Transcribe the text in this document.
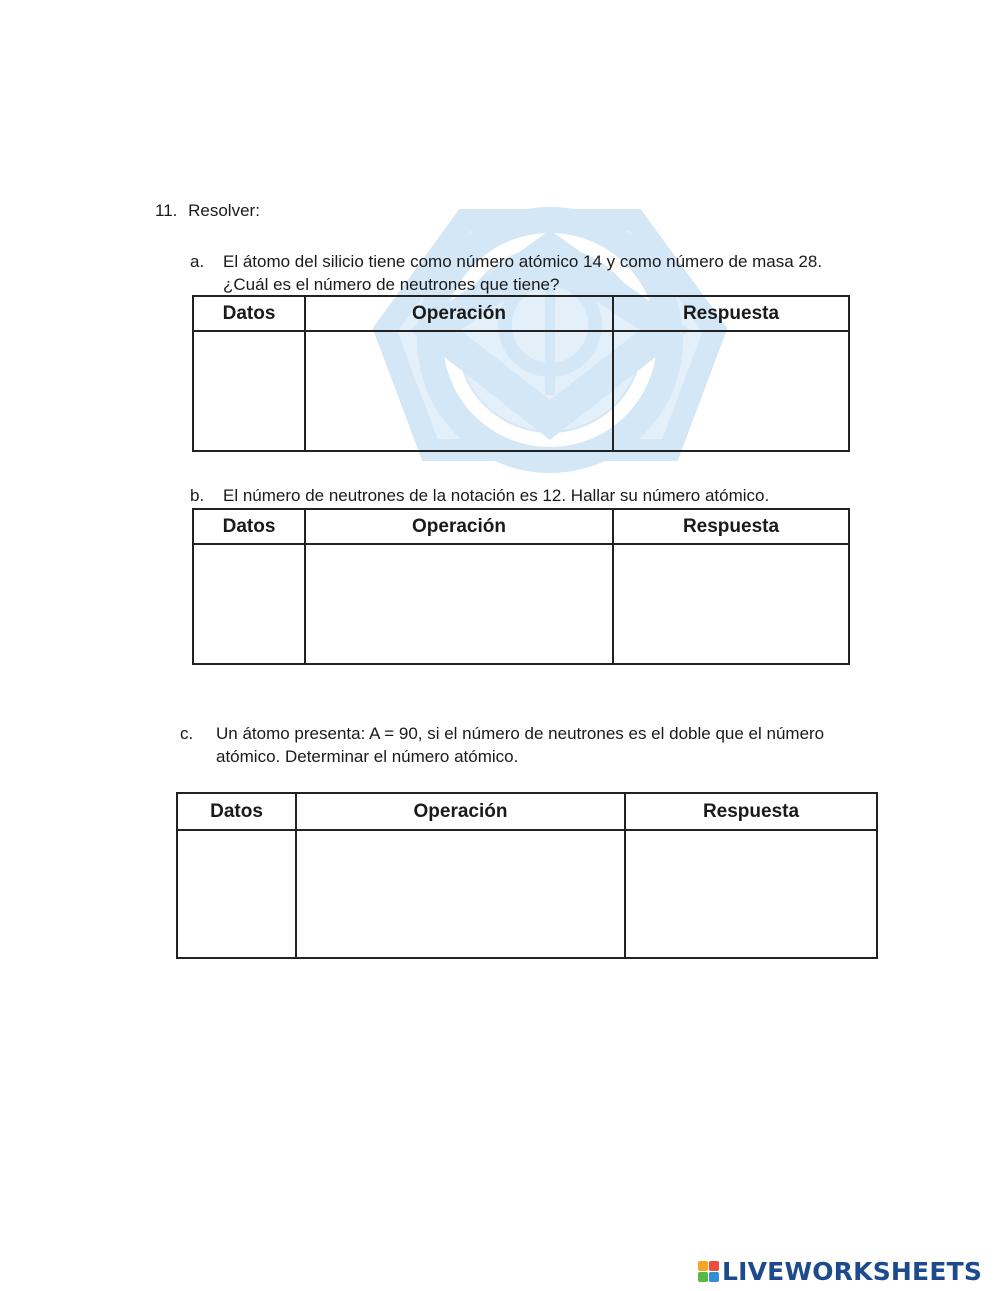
11. Resolver:
a. El átomo del silicio tiene como número atómico 14 y como número de masa 28.
¿Cuál es el número de neutrones que tiene?
Datos	Operación	Respuesta

b. El número de neutrones de la notación es 12. Hallar su número atómico.
Datos	Operación	Respuesta

c. Un átomo presenta: A = 90, si el número de neutrones es el doble que el número
atómico. Determinar el número atómico.
Datos	Operación	Respuesta

LIVEWORKSHEETS
